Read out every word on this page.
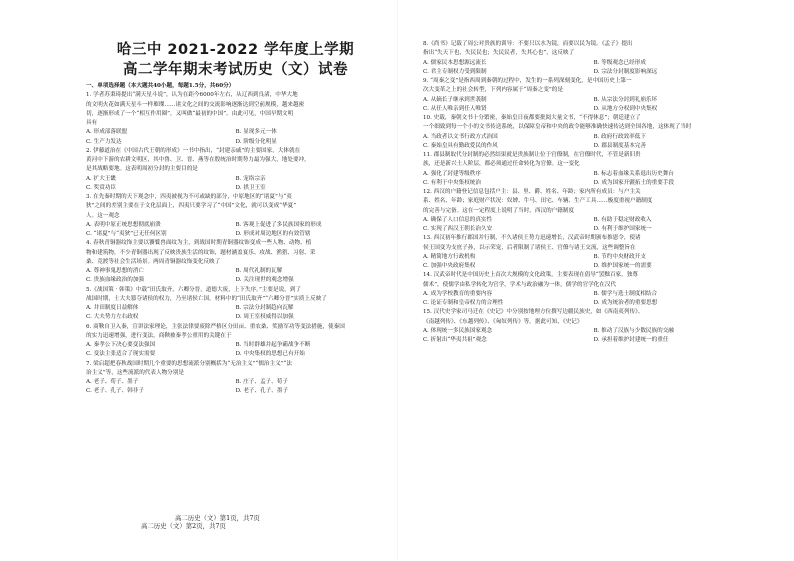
哈三中 2021-2022 学年度上学期
高二学年期末考试历史（文）试卷
一、单项选择题（本大题共40小题，每题1.5分，共60分）
1. 学者苏秉琦提出“满天星斗说”，认为在距今6000年左右，从辽西到良渚，中华大地
的文明火花如满天星斗一样璀璨……诸文化之间的交流影响逐渐达到空前规模，越来越密
切，逐渐形成了一个“相互作用圈”，又叫做“最初的中国”。由此可见，中国早期文明
具有
A. 形成部落联盟	B. 显现多元一体
C. 生产力发达	D. 阶级分化明显
2. 伊藤道治在《中国古代王朝的形成》一书中指出，“封建亲戚”的主要国家，大体就在
黄河中下游的农耕文明区，其中鲁、卫、晋、燕等在殷统治时期势力最为强大，地处要冲，
是其战略要地。这表明周初分封的主要目的是
A. 扩大王畿	B. 宠络宗亲
C. 奖赏功臣	D. 拱卫王室
3. 在先秦时期的天下观念中，四夷被视为不可或缺的部分，中原地区的“诸夏”与“夷
狄”之间的差别主要在于文化层面上，四夷只要学习了“中国”文化，就可以变成“华夏”
人。这一观念
A. 表明中原正统思想彻底崩溃	B. 客观上促进了多民族国家的形成
C. “诸夏”与“夷狄”已无任何区别	D. 形成对周边地区的有效管辖
4. 春秋青铜器纹饰主要以饕餮兽面纹为主，到战国时期青铜器纹饰变成一些人物、动物、植
物和建筑物，不少青铜器出现了反映贵族生活的纹饰，题材涵盖宴乐、攻战、渔猎、习射、采
桑、竞渡等社会生活场景。两周青铜器纹饰变化反映了
A. 尊神事鬼思想的消亡	B. 周代礼制的瓦解
C. 贵族血缘政治的加强	D. 关注现世的观念增强
5.《战国策 · 韩策》中载“田氏取齐，六卿分晋，道德大废，上下失序。”主要是说，到了
战国时期，士大夫篡夺诸侯的权力，乃至诸侯亡国。材料中的“田氏取齐”“六卿分晋”实质上反映了
A. 井田制度日益解体	B. 宗法分封制趋向瓦解
C. 大夫势力左右政权	D. 周王室权威得以加强
6. 商鞅自卫入秦，宣讲法家理论，主张法律要废除严格区分田亩、重农桑、奖励军功等变法措施，使秦国
的实力迅速增强，进行变法，商鞅被秦孝公重用的关键在于
A. 秦孝公下决心要变法强国	B. 当时群雄并起争霸战争不断
C. 变法主张适合了现实需要	D. 中央集权的思想已有开始
7. 梁启超把春秋战国时期几个重要的思想流派分别概括为“无治主义”“儒治主义”“法
治主义”等，这些流派的代表人物分别是
A. 老子、荀子、墨子	B. 庄子、孟子、荀子
C. 老子、孔子、韩非子	D. 老子、孔子、墨子
高二历史（文）第1页，共7页
8.《尚书》记载了周公对贵族的训导：不要只以水为镜，而要以民为镜。《孟子》提出
指出“失天下也，失民民也；失民民者，失其心也”，这反映了
A. 儒家民本思想源远流长	B. 等级观念已经形成
C. 君主专制权力受到限制	D. 宗法分封制度影响深远
9. “周秦之变”是指西周到秦朝的过程中，发生的一系列深刻变化，是中国历史上第一
次大变革之上的社会转型，下列内容属于“周秦之变”的是
A. 从嫡长子继承到世袭制	B. 从宗法分封到礼崩乐坏
C. 从任人唯亲到任人唯贤	D. 从地方分权到中央集权
10. 史载，秦朝文书十分繁密，秦始皇日夜都要批阅大量文书，“不得休息”；朝廷建立了
一个细致到每一个小的文书传送系统，以保障皇帝和中央的政令能够准确快速传达到全国各地，这体现了当时
A. 当政者以文书行政方式治国	B. 政府行政效率低下
C. 秦始皇具有勤政爱民的作风	D. 郡县制度基本完善
11. 郡县制取代分封制的必然结果就是贵族制让位于官僚制，在官僚时代，不管是新旧贵
族，还是新兴士人阶层，都必须通过任命转化为官僚。这一变化
A. 强化了封建等级秩序	B. 标志着血缘关系退出历史舞台
C. 有利于中央集权统治	D. 成为国家开疆拓土的重要手段
12. 西汉的户籍登记信息包括户主：县、里、爵、姓名、年龄；家内所有成员：与户主关
系、姓名、年龄；家庭财产状况：奴婢、牛马、田宅、车辆、生产工具……极度重视户籍制度
的完善与完备。这在一定程度上说明了当时，西汉的户籍制度
A. 确保了人口信息的真实性	B. 有助于稳定财政收入
C. 实现了西汉王朝长治久安	D. 有利于维护国家统一
13. 西汉初年推行郡国并行制，不久诸侯王势力迅速增长，汉武帝时期颁布推恩令，使诸
侯王国变为支庶子孙，以示荣宠，后者限制了诸侯王、官僚与诸王交流，这些调整旨在
A. 精简地方行政机构	B. 节约中央财政开支
C. 加强中央政府集权	D. 维护国家统一的需要
14. 汉武帝时代是中国历史上首次大规模的文化政策，主要表现在倡导“罢黜百家，独尊
儒术”，使儒学由私学转化为官学，学术与政治融为一体，儒学的官学化在汉代
A. 成为学校教育的重要内容	B. 儒学与选士制度相结合
C. 论证专制和皇帝权力的合理性	D. 成为统治者的重要思想
15. 汉代史学家司马迁在《史记》中分别按地理方位撰写边疆民族史，如《西南夷列传》、
《南越列传》、《东越列传》、《匈奴列传》等。据此可知，《史记》
A. 体现统一多民族国家观念	B. 推动了汉族与少数民族的交融
C. 折射出“华夷共祖”观念	D. 承担着维护封建统一的重任
高二历史（文）第2页，共7页
